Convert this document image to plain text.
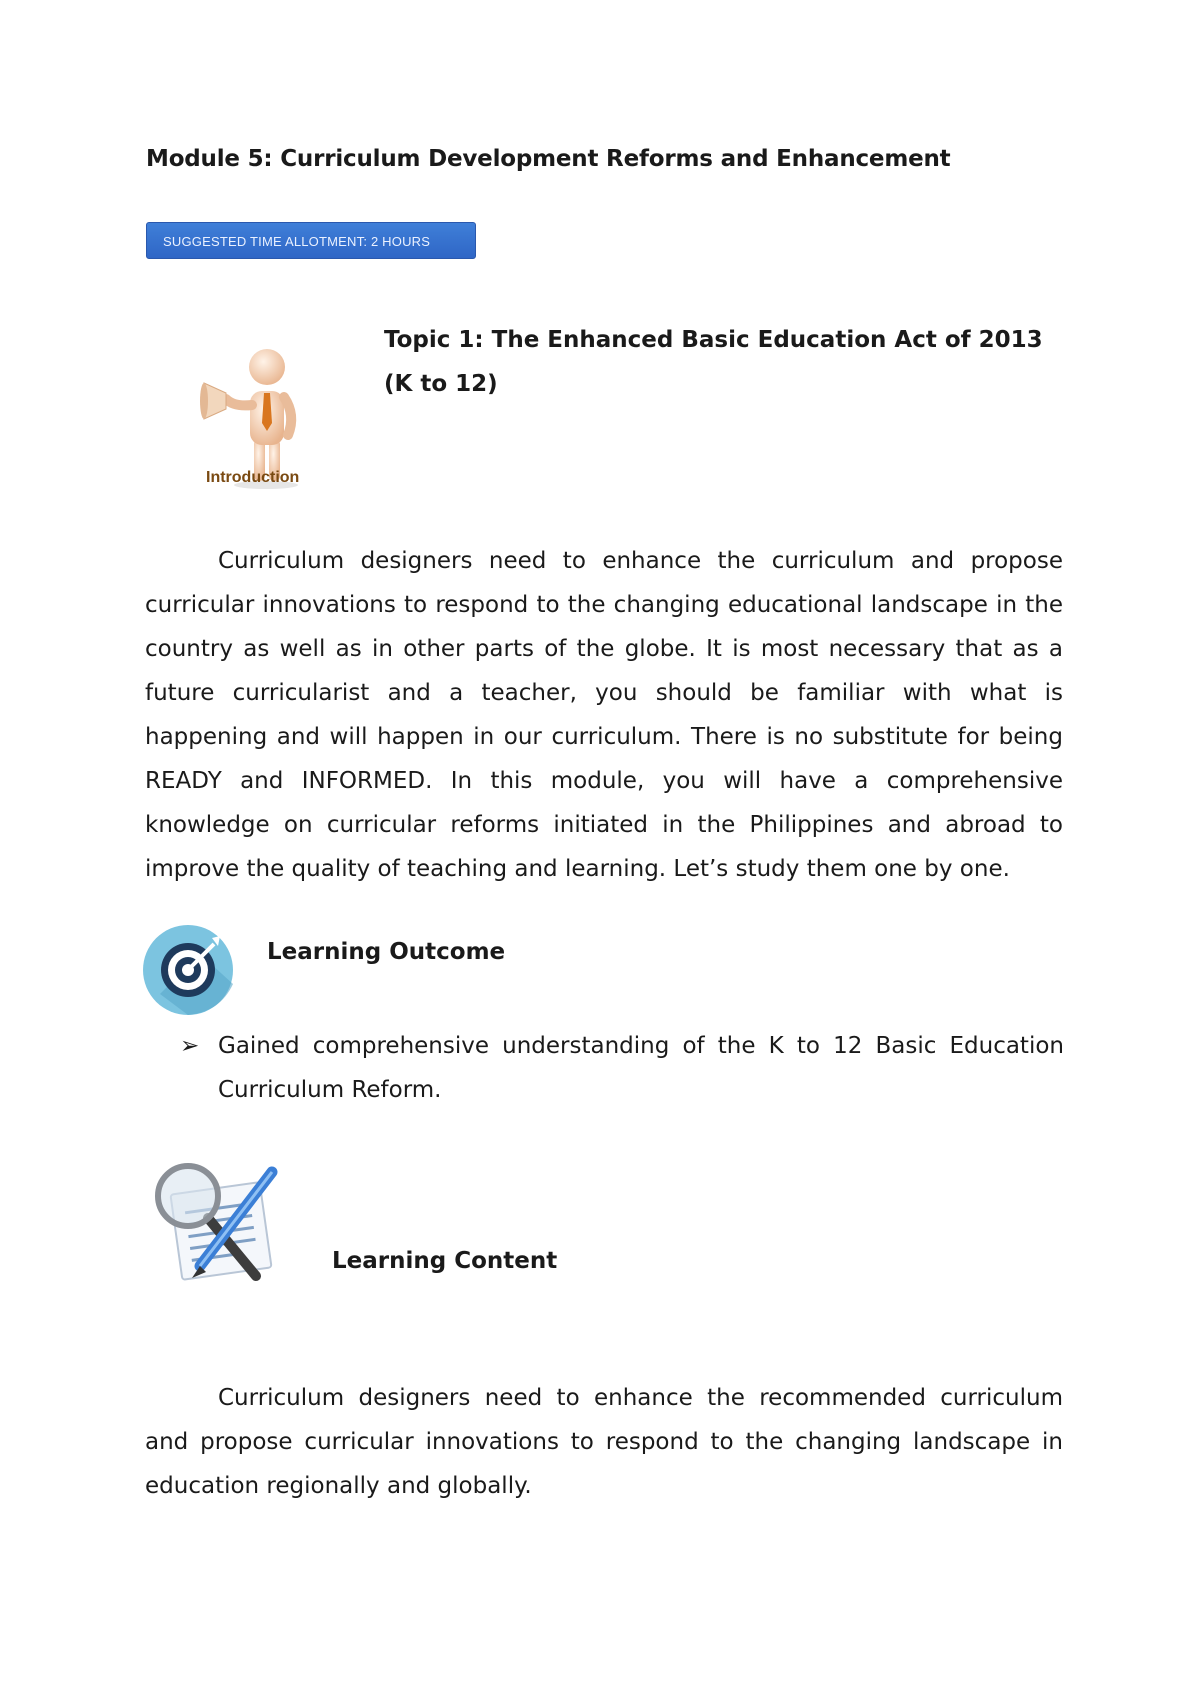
Module 5: Curriculum Development Reforms and Enhancement
SUGGESTED TIME ALLOTMENT: 2 HOURS
Introduction
Topic 1: The Enhanced Basic Education Act of 2013 (K to 12)

Curriculum designers need to enhance the curriculum and propose curricular innovations to respond to the changing educational landscape in the country as well as in other parts of the globe. It is most necessary that as a future curricularist and a teacher, you should be familiar with what is happening and will happen in our curriculum. There is no substitute for being READY and INFORMED. In this module, you will have a comprehensive knowledge on curricular reforms initiated in the Philippines and abroad to improve the quality of teaching and learning. Let’s study them one by one.

Learning Outcome
➢ Gained comprehensive understanding of the K to 12 Basic Education Curriculum Reform.

Learning Content

Curriculum designers need to enhance the recommended curriculum and propose curricular innovations to respond to the changing landscape in education regionally and globally.
